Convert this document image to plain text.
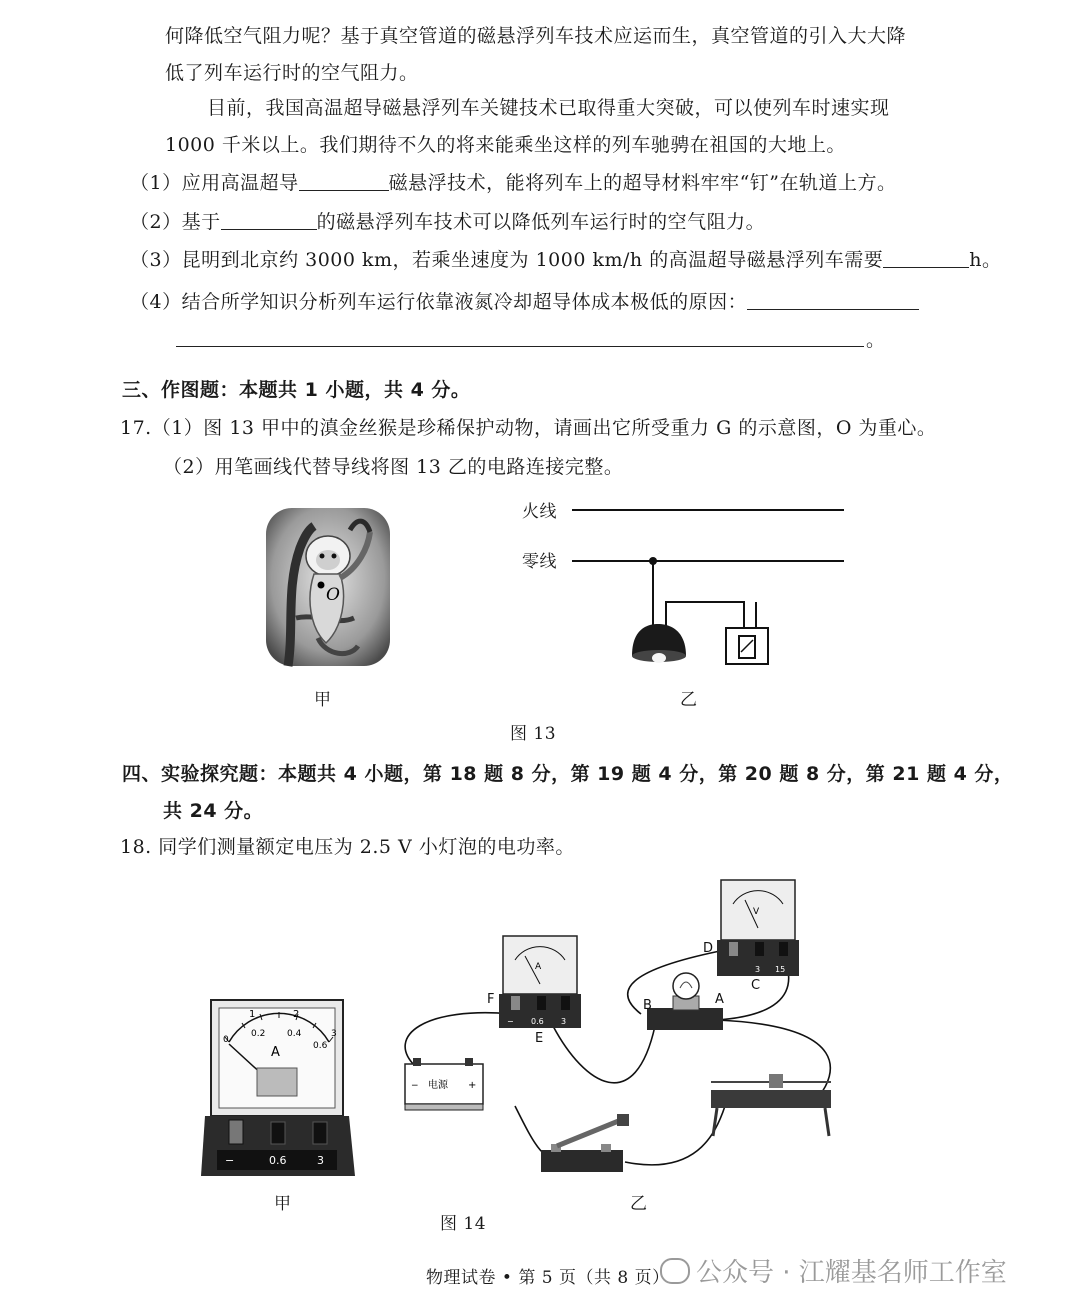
何降低空气阻力呢？基于真空管道的磁悬浮列车技术应运而生，真空管道的引入大大降
低了列车运行时的空气阻力。
目前，我国高温超导磁悬浮列车关键技术已取得重大突破，可以使列车时速实现
1000 千米以上。我们期待不久的将来能乘坐这样的列车驰骋在祖国的大地上。
（1）应用高温超导	磁悬浮技术，能将列车上的超导材料牢牢“钉”在轨道上方。
（2）基于	的磁悬浮列车技术可以降低列车运行时的空气阻力。
（3）昆明到北京约 3000 km，若乘坐速度为 1000 km/h 的高温超导磁悬浮列车需要	h。
（4）结合所学知识分析列车运行依靠液氮冷却超导体成本极低的原因：
。
三、作图题：本题共 1 小题，共 4 分。
17.（1）图 13 甲中的滇金丝猴是珍稀保护动物，请画出它所受重力 G 的示意图，O 为重心。
（2）用笔画线代替导线将图 13 乙的电路连接完整。
O
甲
火线
零线
乙
图 13
四、实验探究题：本题共 4 小题，第 18 题 8 分，第 19 题 4 分，第 20 题 8 分，第 21 题 4 分，
共 24 分。
18. 同学们测量额定电压为 2.5 V 小灯泡的电功率。
1	2
0
3
0.2 0.4
0.6
A
−	0.6	3
甲
A
− 0.6 3
V
3 15
− 电源 +
D
F	B	A
C
E
乙
图 14
物理试卷 • 第 5 页（共 8 页）	公众号 · 江耀基名师工作室
